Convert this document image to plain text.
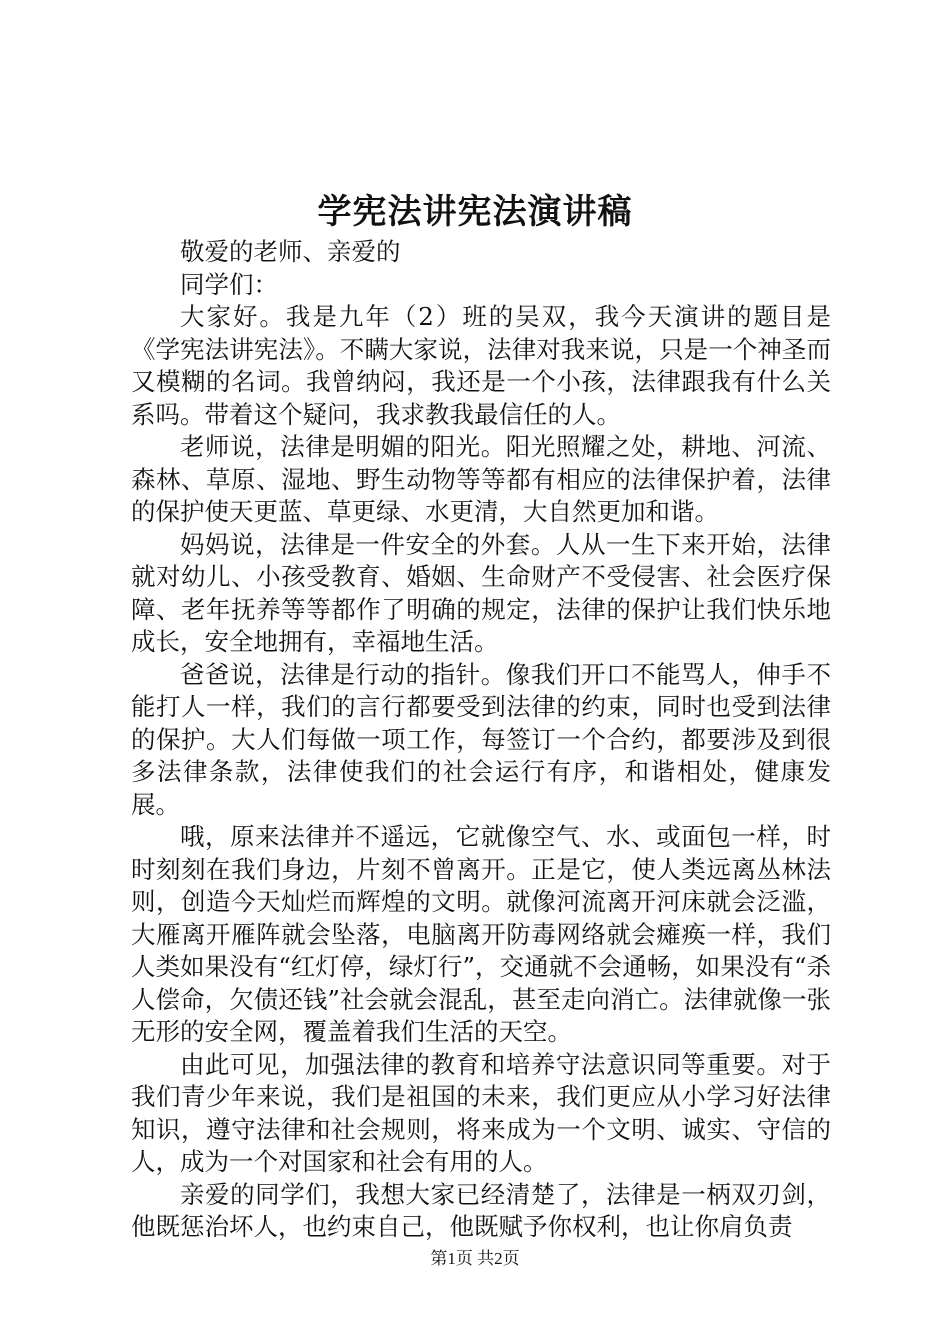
学宪法讲宪法演讲稿

敬爱的老师、亲爱的

同学们：

大家好。我是九年（2）班的吴双，我今天演讲的题目是《学宪法讲宪法》。不瞒大家说，法律对我来说，只是一个神圣而又模糊的名词。我曾纳闷，我还是一个小孩，法律跟我有什么关系吗。带着这个疑问，我求教我最信任的人。

老师说，法律是明媚的阳光。阳光照耀之处，耕地、河流、森林、草原、湿地、野生动物等等都有相应的法律保护着，法律的保护使天更蓝、草更绿、水更清，大自然更加和谐。

妈妈说，法律是一件安全的外套。人从一生下来开始，法律就对幼儿、小孩受教育、婚姻、生命财产不受侵害、社会医疗保障、老年抚养等等都作了明确的规定，法律的保护让我们快乐地成长，安全地拥有，幸福地生活。

爸爸说，法律是行动的指针。像我们开口不能骂人，伸手不能打人一样，我们的言行都要受到法律的约束，同时也受到法律的保护。大人们每做一项工作，每签订一个合约，都要涉及到很多法律条款，法律使我们的社会运行有序，和谐相处，健康发展。

哦，原来法律并不遥远，它就像空气、水、或面包一样，时时刻刻在我们身边，片刻不曾离开。正是它，使人类远离丛林法则，创造今天灿烂而辉煌的文明。就像河流离开河床就会泛滥，大雁离开雁阵就会坠落，电脑离开防毒网络就会瘫痪一样，我们人类如果没有“红灯停，绿灯行”，交通就不会通畅，如果没有“杀人偿命，欠债还钱”社会就会混乱，甚至走向消亡。法律就像一张无形的安全网，覆盖着我们生活的天空。

由此可见，加强法律的教育和培养守法意识同等重要。对于我们青少年来说，我们是祖国的未来，我们更应从小学习好法律知识，遵守法律和社会规则，将来成为一个文明、诚实、守信的人，成为一个对国家和社会有用的人。

亲爱的同学们，我想大家已经清楚了，法律是一柄双刃剑，他既惩治坏人，也约束自己，他既赋予你权利，也让你肩负责

第1页 共2页
